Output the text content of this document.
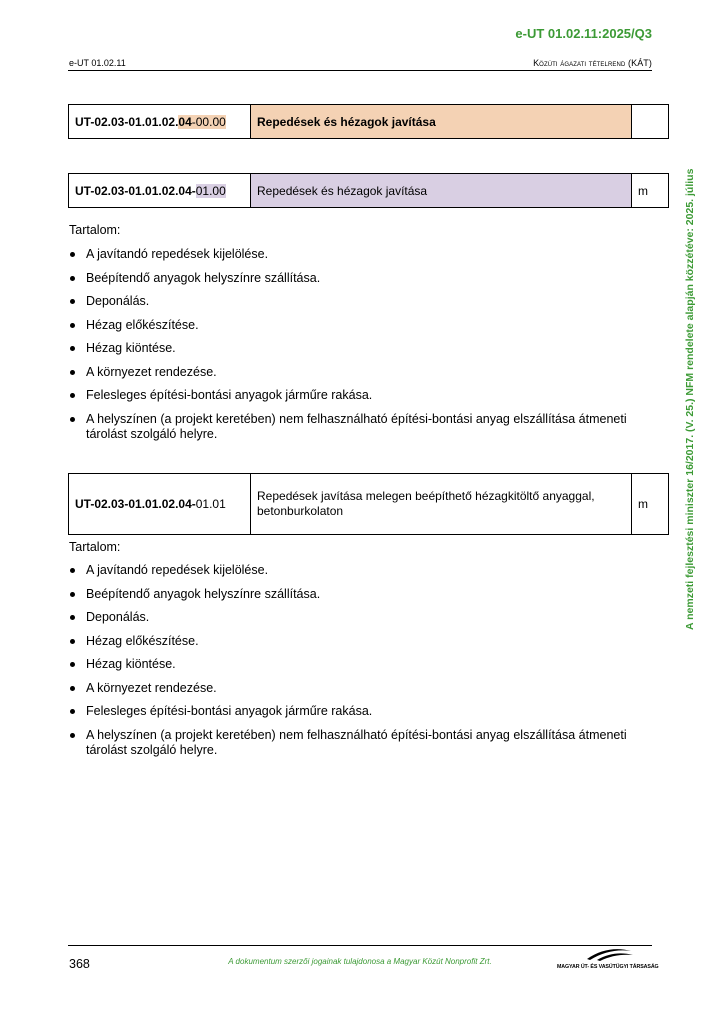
e-UT 01.02.11:2025/Q3
e-UT 01.02.11	Közúti ágazati tételrend (KÁT)
A nemzeti fejlesztési miniszter 16/2017. (V. 25.) NFM rendelete alapján közzétéve: 2025. július
UT-02.03-01.01.02.04-00.00	Repedések és hézagok javítása	
UT-02.03-01.01.02.04-01.00	Repedések és hézagok javítása	m
Tartalom:
A javítandó repedések kijelölése.
Beépítendő anyagok helyszínre szállítása.
Deponálás.
Hézag előkészítése.
Hézag kiöntése.
A környezet rendezése.
Felesleges építési-bontási anyagok járműre rakása.
A helyszínen (a projekt keretében) nem felhasználható építési-bontási anyag elszállítása átmeneti tárolást szolgáló helyre.
UT-02.03-01.01.02.04-01.01	Repedések javítása melegen beépíthető hézagkitöltő anyaggal, betonburkolaton	m
Tartalom:
A javítandó repedések kijelölése.
Beépítendő anyagok helyszínre szállítása.
Deponálás.
Hézag előkészítése.
Hézag kiöntése.
A környezet rendezése.
Felesleges építési-bontási anyagok járműre rakása.
A helyszínen (a projekt keretében) nem felhasználható építési-bontási anyag elszállítása átmeneti tárolást szolgáló helyre.
368	A dokumentum szerzői jogainak tulajdonosa a Magyar Közút Nonprofit Zrt.
MAGYAR ÚT- ÉS VASÚTÜGYI TÁRSASÁG
